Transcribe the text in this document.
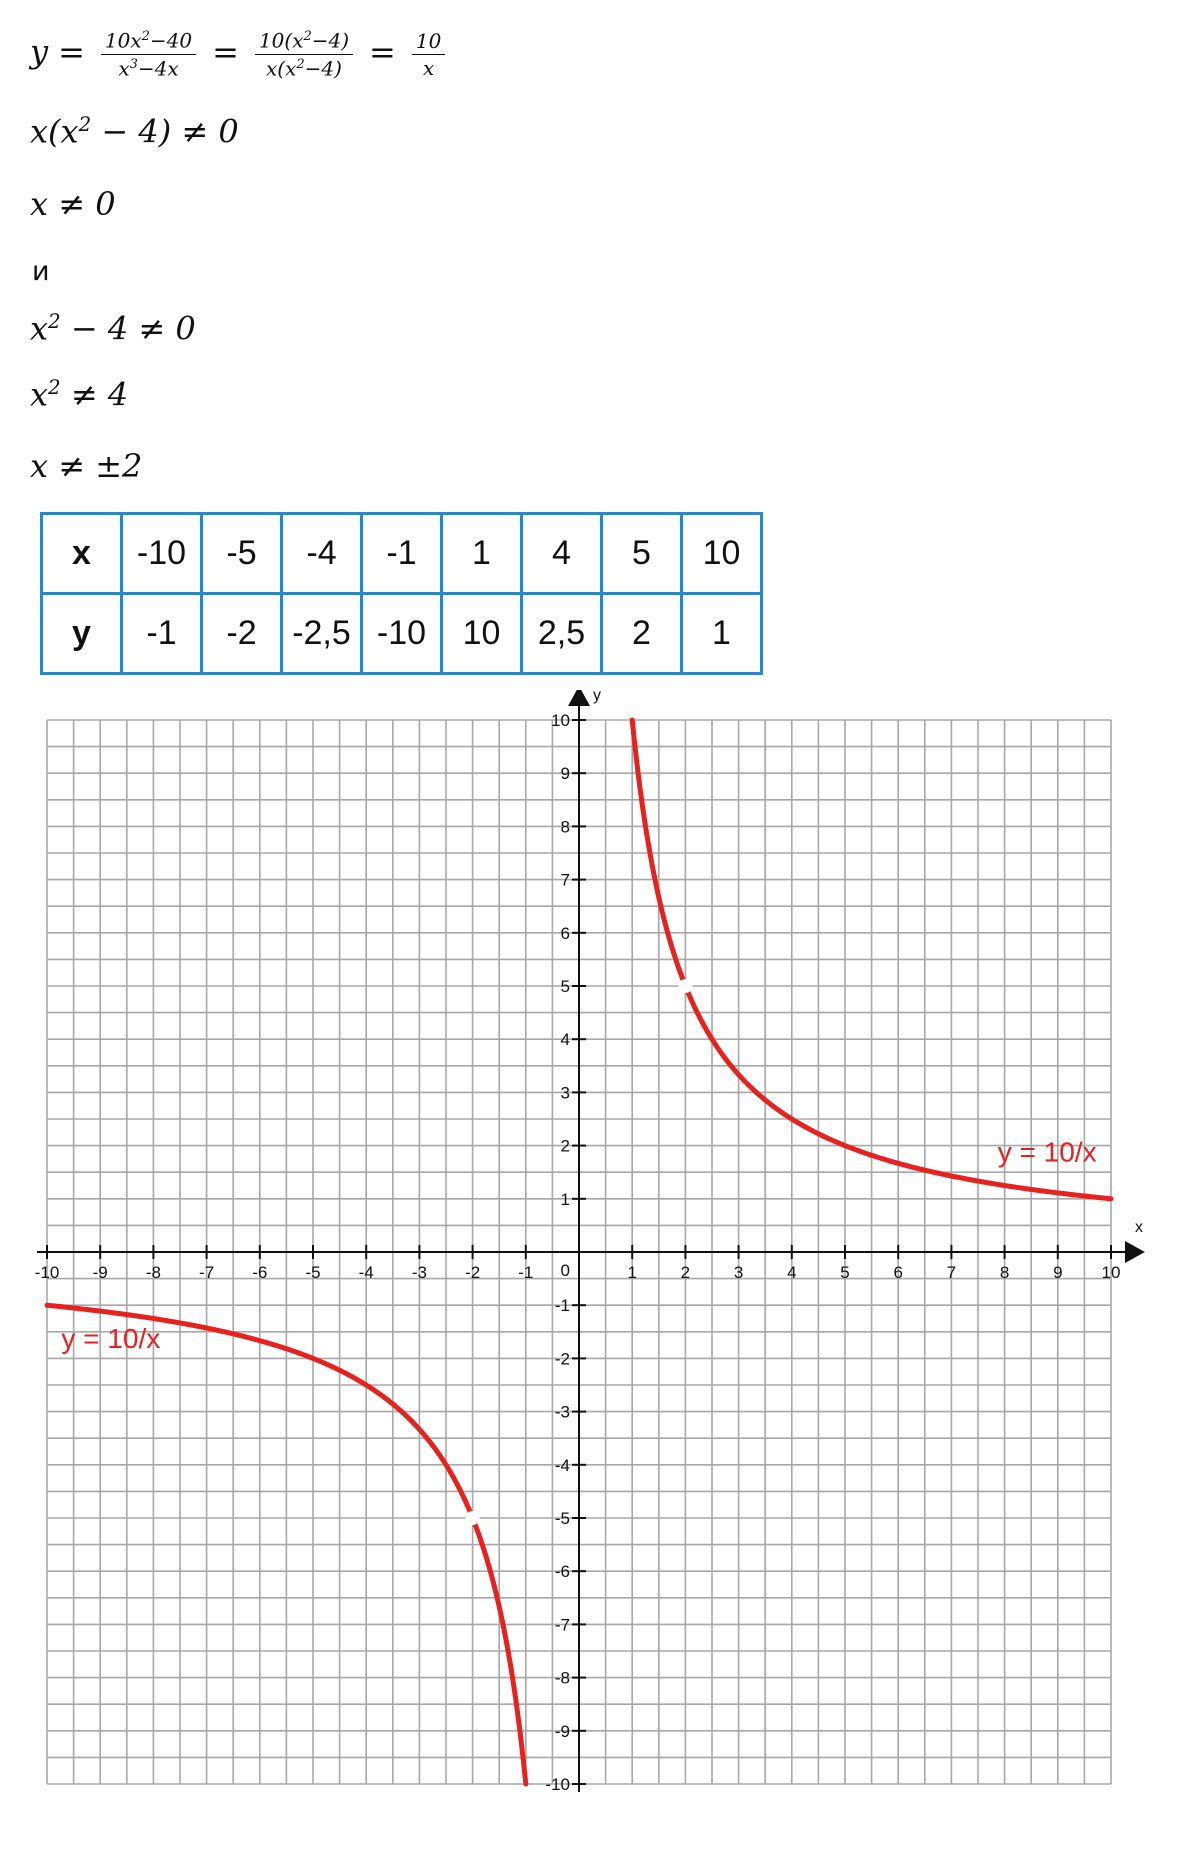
$y = \frac{10x^2-40}{x^3-4x} = \frac{10(x^2-4)}{x(x^2-4)} = \frac{10}{x}$
$x(x^2 - 4) \ne 0$
x ≠ 0
и
$x^2 - 4 \ne 0$
$x^2 \ne 4$
x ≠ ±2
x	-10	-5	-4	-1	1	4	5	10
y	-1	-2	-2,5	-10	10	2,5	2	1
-10 -9 -8 -7 -6 -5 -4 -3 -2 -1	1	2	3	4	5	6	7	8	9 10
-10
-9
-8
-7
-6
-5
-4
-3
-2
-1
1
2
3
4
5
6
7
8
9
10
0
x
y
y = 10/x
y = 10/x
